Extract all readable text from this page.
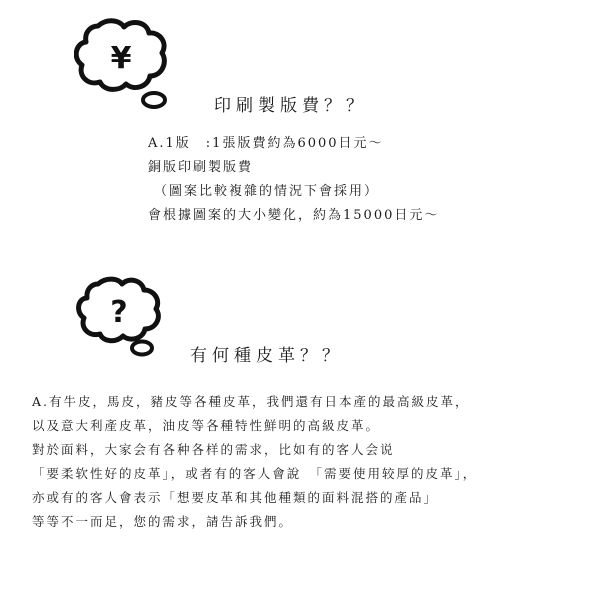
¥
印刷製版費？？
A.1版　:1張版費約為6000日元～
銅版印刷製版費
（圖案比較複雜的情況下會採用）
會根據圖案的大小變化，約為15000日元～
?
有何種皮革？？
A.有牛皮，馬皮，豬皮等各種皮革，我們還有日本產的最高級皮革，
以及意大利產皮革，油皮等各種特性鮮明的高級皮革。
對於面料，大家会有各种各样的需求，比如有的客人会说
「要柔软性好的皮革」，或者有的客人會說　「需要使用较厚的皮革」，
亦或有的客人會表示「想要皮革和其他種類的面料混搭的產品」
等等不一而足，您的需求，請告訴我們。
